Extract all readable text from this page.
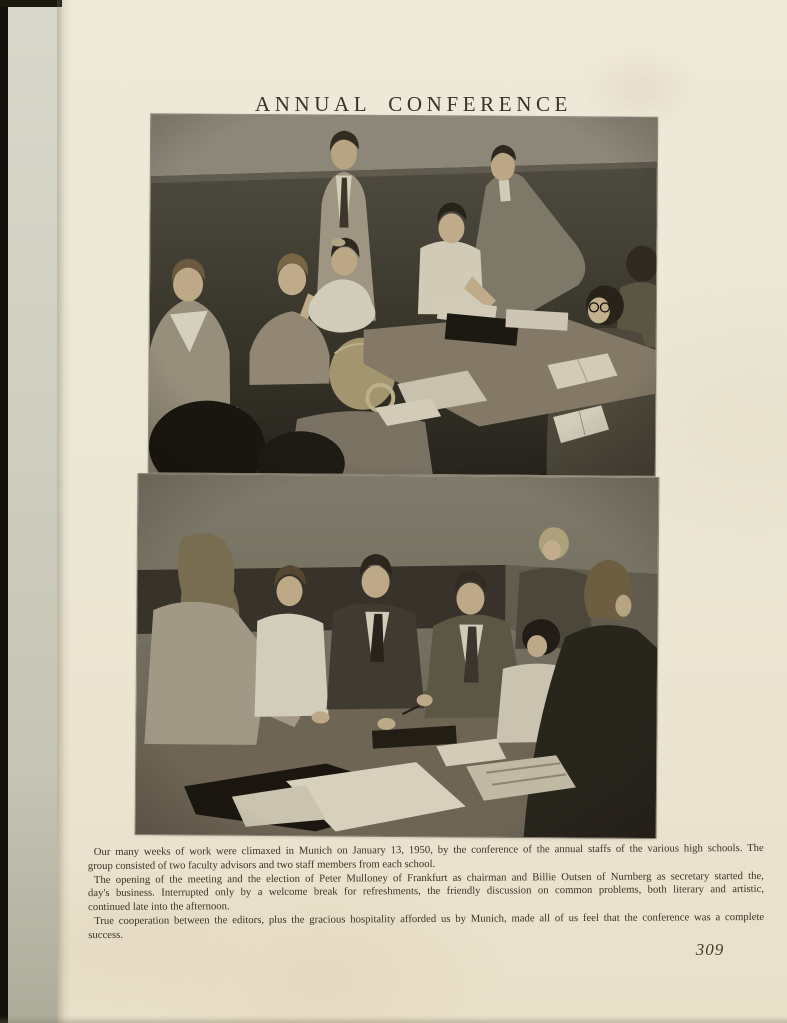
ANNUAL CONFERENCE
Our many weeks of work were climaxed in Munich on January 13, 1950, by the conference of the annual staffs of the various high schools. The
group consisted of two faculty advisors and two staff members from each school.
The opening of the meeting and the election of Peter Mulloney of Frankfurt as chairman and Billie Outsen of Nurnberg as secretary started the,
day's business. Interrupted only by a welcome break for refreshments, the friendly discussion on common problems, both literary and artistic,
continued late into the afternoon.
True cooperation between the editors, plus the gracious hospitality afforded us by Munich, made all of us feel that the conference was a complete
success.
309
